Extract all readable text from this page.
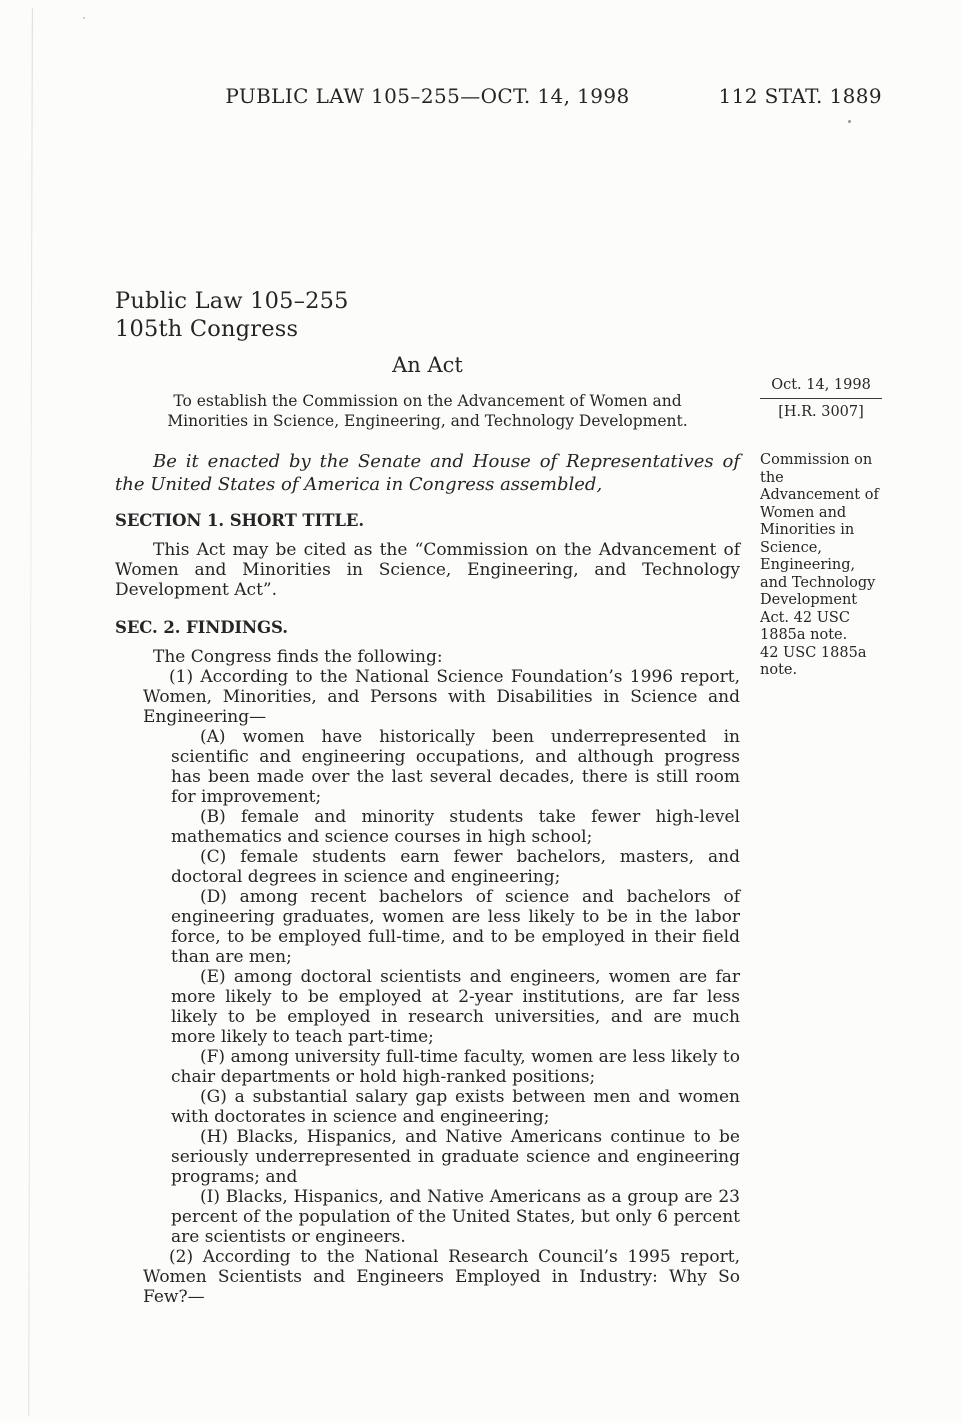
PUBLIC LAW 105–255—OCT. 14, 1998	112 STAT. 1889
Public Law 105–255
105th Congress
An Act

To establish the Commission on the Advancement of Women and Minorities in Science, Engineering, and Technology Development.

Be it enacted by the Senate and House of Representatives of the United States of America in Congress assembled,

SECTION 1. SHORT TITLE.

This Act may be cited as the “Commission on the Advancement of Women and Minorities in Science, Engineering, and Technology Development Act”.

SEC. 2. FINDINGS.

The Congress finds the following:

(1) According to the National Science Foundation’s 1996 report, Women, Minorities, and Persons with Disabilities in Science and Engineering—

(A) women have historically been underrepresented in scientific and engineering occupations, and although progress has been made over the last several decades, there is still room for improvement;

(B) female and minority students take fewer high-level mathematics and science courses in high school;

(C) female students earn fewer bachelors, masters, and doctoral degrees in science and engineering;

(D) among recent bachelors of science and bachelors of engineering graduates, women are less likely to be in the labor force, to be employed full-time, and to be employed in their field than are men;

(E) among doctoral scientists and engineers, women are far more likely to be employed at 2-year institutions, are far less likely to be employed in research universities, and are much more likely to teach part-time;

(F) among university full-time faculty, women are less likely to chair departments or hold high-ranked positions;

(G) a substantial salary gap exists between men and women with doctorates in science and engineering;

(H) Blacks, Hispanics, and Native Americans continue to be seriously underrepresented in graduate science and engineering programs; and

(I) Blacks, Hispanics, and Native Americans as a group are 23 percent of the population of the United States, but only 6 percent are scientists or engineers.

(2) According to the National Research Council’s 1995 report, Women Scientists and Engineers Employed in Industry: Why So Few?—

Oct. 14, 1998
[H.R. 3007]

Commission on the Advancement of Women and Minorities in Science, Engineering, and Technology Development Act. 42 USC 1885a note.

42 USC 1885a note.
